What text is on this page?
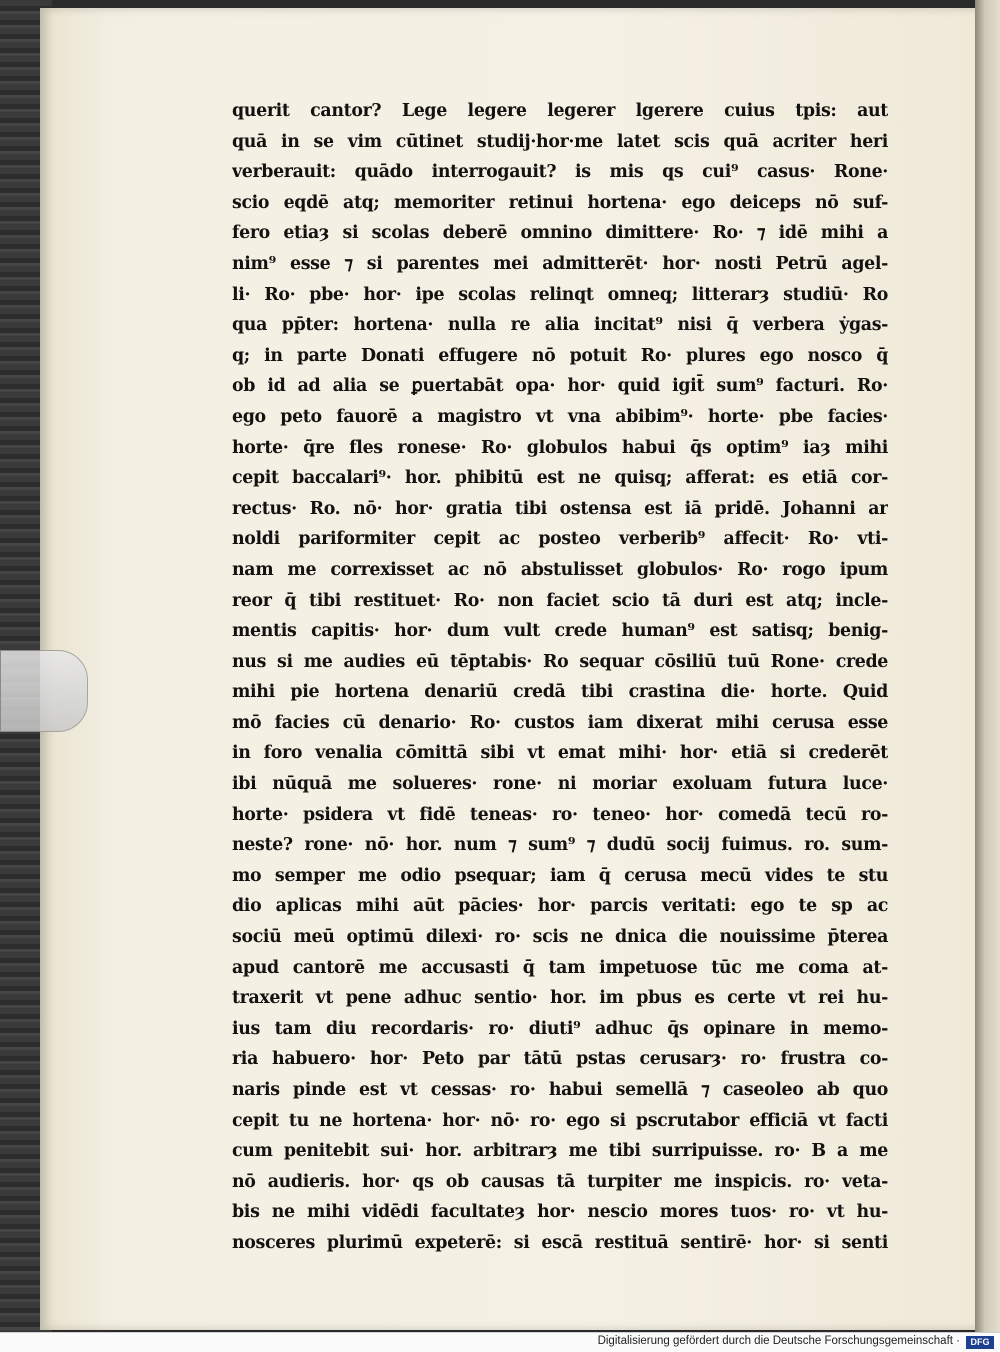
querit cantor? Lege legere legerer lgerere cuius tpis: aut
quā in se vim cūtinet studij·hor·me latet scis quā acriter heri
verberauit: quādo interrogauit? is mis qs cui⁹ casus· Rone·
scio eqdē atq; memoriter retinui hortena· ego deiceps nō suf-
fero etiaȝ si scolas deberē omnino dimittere· Ro· ⁊ idē mihi a
nim⁹ esse ⁊ si parentes mei admitterēt· hor· nosti Petrū agel-
li· Ro· pbe· hor· ipe scolas relinqt omneq; litterarȝ studiū· Ro
qua pp̄ter: hortena· nulla re alia incitat⁹ nisi q̄ verbera ẏgas-
q; in parte Donati effugere nō potuit Ro· plures ego nosco q̄
ob id ad alia se ꝑuertabāt opa· hor· quid igit̄ sum⁹ facturi. Ro·
ego peto fauorē a magistro vt vna abibim⁹· horte· pbe facies·
horte· q̄re fles ronese· Ro· globulos habui q̄s optim⁹ iaȝ mihi
cepit baccalari⁹· hor. phibitū est ne quisq; afferat: es etiā cor-
rectus· Ro. nō· hor· gratia tibi ostensa est iā pridē. Johanni ar
noldi pariformiter cepit ac posteo verberib⁹ affecit· Ro· vti-
nam me correxisset ac nō abstulisset globulos· Ro· rogo ipum
reor q̄ tibi restituet· Ro· non faciet scio tā duri est atq; incle-
mentis capitis· hor· dum vult crede human⁹ est satisq; benig-
nus si me audies eū tēptabis· Ro sequar cōsiliū tuū Rone· crede
mihi pie hortena denariū credā tibi crastina die· horte. Quid
mō facies cū denario· Ro· custos iam dixerat mihi cerusa esse
in foro venalia cōmittā sibi vt emat mihi· hor· etiā si crederēt
ibi nūquā me solueres· rone· ni moriar exoluam futura luce·
horte· psidera vt fidē teneas· ro· teneo· hor· comedā tecū ro-
neste? rone· nō· hor. num ⁊ sum⁹ ⁊ dudū socij fuimus. ro. sum-
mo semper me odio psequar; iam q̄ cerusa mecū vides te stu
dio aplicas mihi aūt pācies· hor· parcis veritati: ego te sp ac
sociū meū optimū dilexi· ro· scis ne dnica die nouissime p̄terea
apud cantorē me accusasti q̄ tam impetuose tūc me coma at-
traxerit vt pene adhuc sentio· hor. im pbus es certe vt rei hu-
ius tam diu recordaris· ro· diuti⁹ adhuc q̄s opinare in memo-
ria habuero· hor· Peto par tātū pstas cerusarȝ· ro· frustra co-
naris pinde est vt cessas· ro· habui semellā ⁊ caseoleo ab quo
cepit tu ne hortena· hor· nō· ro· ego si pscrutabor efficiā vt facti
cum penitebit sui· hor. arbitrarȝ me tibi surripuisse. ro· B a me
nō audieris. hor· qs ob causas tā turpiter me inspicis. ro· veta-
bis ne mihi vidēdi facultateȝ hor· nescio mores tuos· ro· vt hu-
nosceres plurimū expeterē: si escā restituā sentirē· hor· si senti
Digitalisierung gefördert durch die Deutsche Forschungsgemeinschaft ·	DFG
